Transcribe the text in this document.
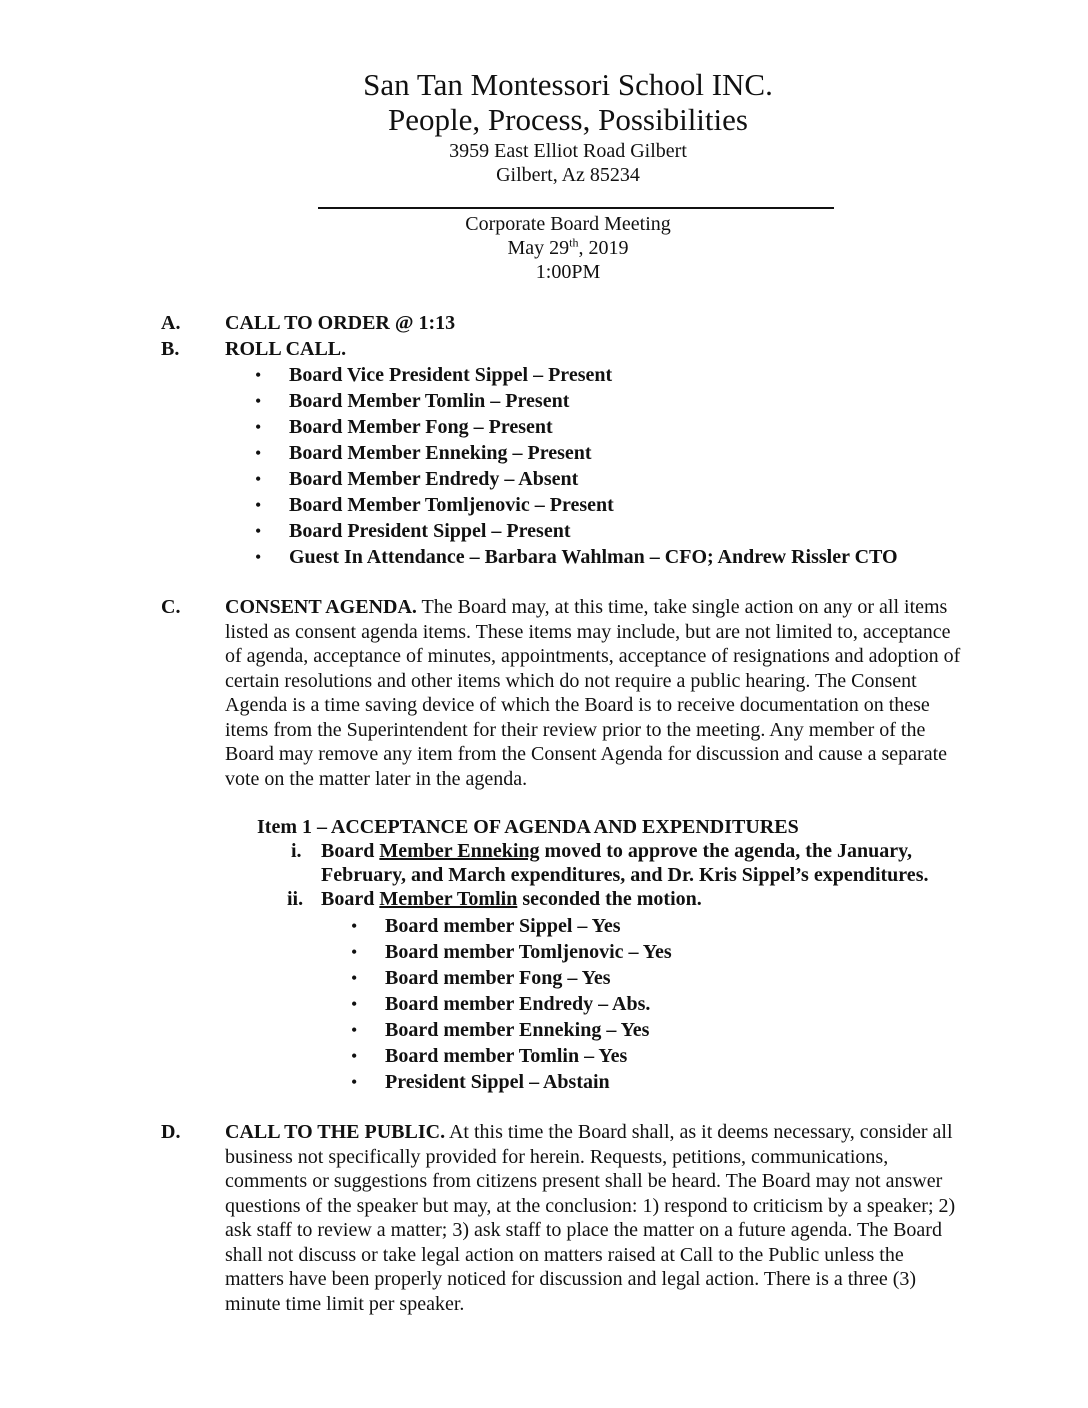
San Tan Montessori School INC.
People, Process, Possibilities
3959 East Elliot Road Gilbert
Gilbert, Az 85234
Corporate Board Meeting
May 29th, 2019
1:00PM
A. CALL TO ORDER @ 1:13
B. ROLL CALL.
• Board Vice President Sippel – Present
• Board Member Tomlin – Present
• Board Member Fong – Present
• Board Member Enneking – Present
• Board Member Endredy – Absent
• Board Member Tomljenovic – Present
• Board President Sippel – Present
• Guest In Attendance – Barbara Wahlman – CFO; Andrew Rissler CTO
C. CONSENT AGENDA. The Board may, at this time, take single action on any or all items

listed as consent agenda items. These items may include, but are not limited to, acceptance

of agenda, acceptance of minutes, appointments, acceptance of resignations and adoption of

certain resolutions and other items which do not require a public hearing. The Consent

Agenda is a time saving device of which the Board is to receive documentation on these

items from the Superintendent for their review prior to the meeting. Any member of the

Board may remove any item from the Consent Agenda for discussion and cause a separate

vote on the matter later in the agenda.

Item 1 – ACCEPTANCE OF AGENDA AND EXPENDITURES
i. Board Member Enneking moved to approve the agenda, the January,
February, and March expenditures, and Dr. Kris Sippel’s expenditures.
ii. Board Member Tomlin seconded the motion.
• Board member Sippel – Yes
• Board member Tomljenovic – Yes
• Board member Fong – Yes
• Board member Endredy – Abs.
• Board member Enneking – Yes
• Board member Tomlin – Yes
• President Sippel – Abstain
D. CALL TO THE PUBLIC. At this time the Board shall, as it deems necessary, consider all

business not specifically provided for herein. Requests, petitions, communications,

comments or suggestions from citizens present shall be heard. The Board may not answer

questions of the speaker but may, at the conclusion: 1) respond to criticism by a speaker; 2)

ask staff to review a matter; 3) ask staff to place the matter on a future agenda. The Board

shall not discuss or take legal action on matters raised at Call to the Public unless the

matters have been properly noticed for discussion and legal action. There is a three (3)

minute time limit per speaker.
